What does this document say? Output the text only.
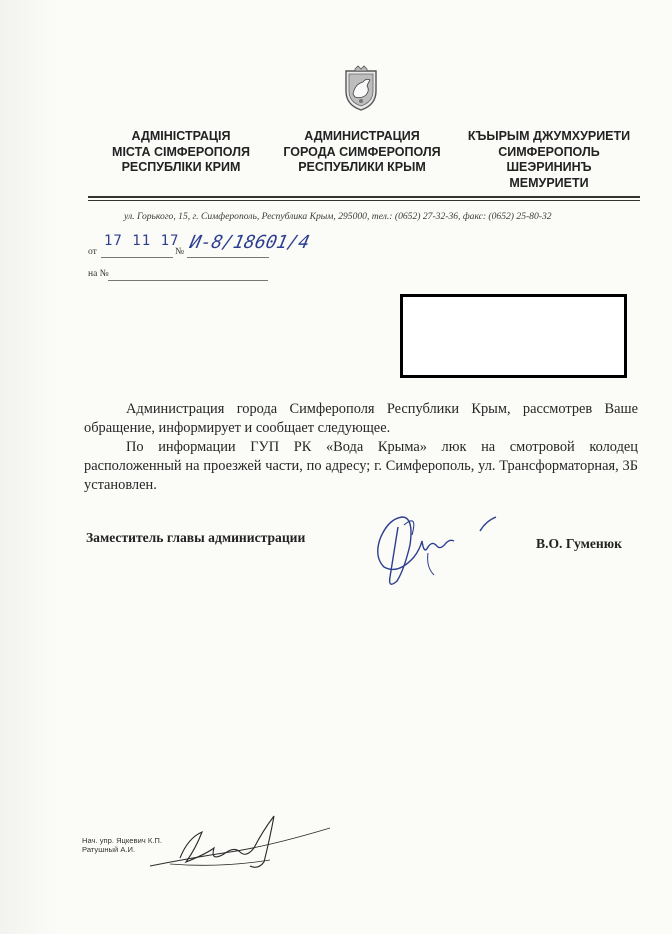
АДМІНІСТРАЦІЯ
МІСТА СІМФЕРОПОЛЯ
РЕСПУБЛІКИ КРИМ
АДМИНИСТРАЦИЯ
ГОРОДА СИМФЕРОПОЛЯ
РЕСПУБЛИКИ КРЫМ
КЪЫРЫМ ДЖУМХУРИЕТИ
СИМФЕРОПОЛЬ
ШЕЭРИНИНЪ
МЕМУРИЕТИ
ул. Горького, 15, г. Симферополь, Республика Крым, 295000, тел.: (0652) 27-32-36, факс: (0652) 25-80-32
от	№
17 11 17 И-8/18601/4
на №

Администрация города Симферополя Республики Крым, рассмотрев Ваше обращение, информирует и сообщает следующее.

По информации ГУП РК «Вода Крыма» люк на смотровой колодец расположенный на проезжей части, по адресу; г. Симферополь, ул. Трансформаторная, 3Б установлен.

Заместитель главы администрации	В.О. Гуменюк
Нач. упр. Яцкевич К.П.
Ратушный А.И.
